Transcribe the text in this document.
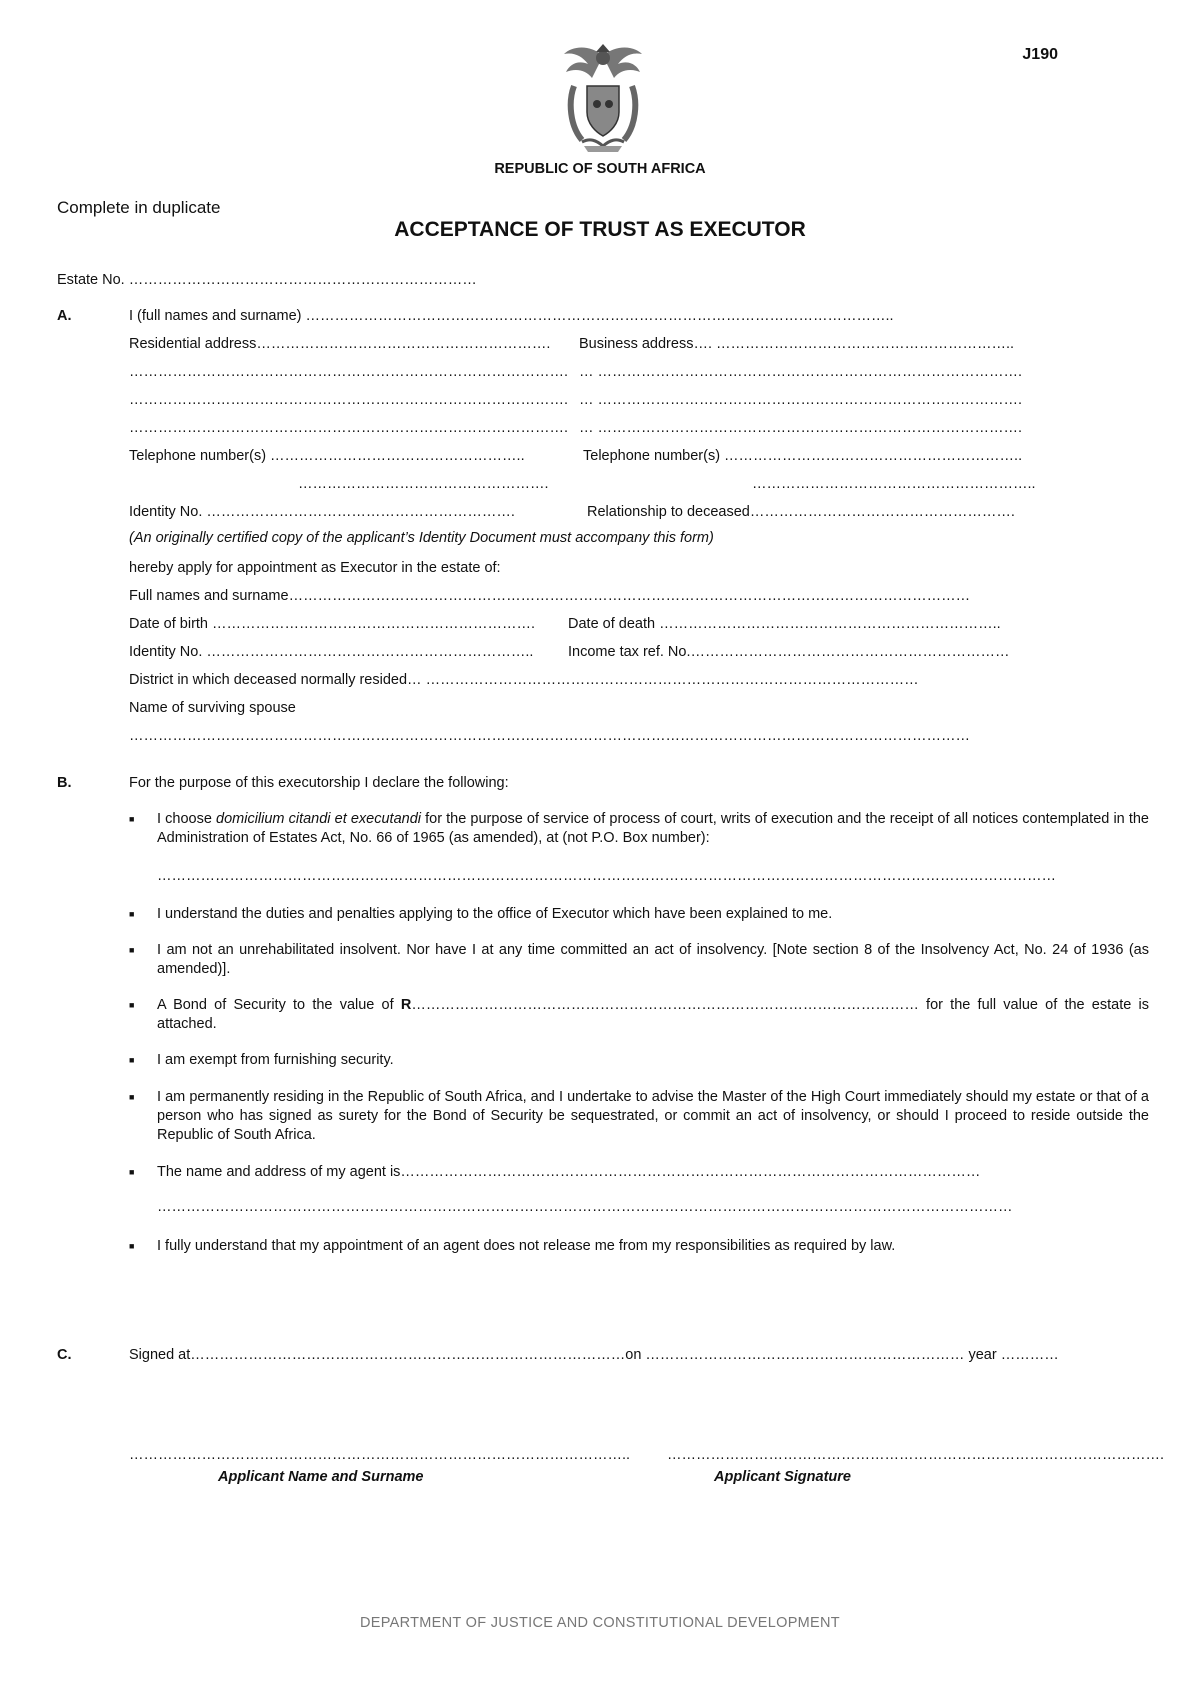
J190
REPUBLIC OF SOUTH AFRICA
Complete in duplicate
ACCEPTANCE OF TRUST AS EXECUTOR
Estate No. ………………………………………………………………
A.	I (full names and surname) …………………………………………………………………………………………………………..
Residential address……………………………………………………. Business address…. ……………………………………………………..
………………………………………………………………………………. … …………………………………………………………………………….
………………………………………………………………………………. … …………………………………………………………………………….
………………………………………………………………………………. … …………………………………………………………………………….
Telephone number(s) ……………………………………………..	Telephone number(s) ……………………………………………………..
…………………………………………….	…………………………………………………..
Identity No. ……………………………………………………….	Relationship to deceased……………………………………………….
(An originally certified copy of the applicant’s Identity Document must accompany this form)
hereby apply for appointment as Executor in the estate of:
Full names and surname……………………………………………………………………………………………………………………………
Date of birth …………………………………………………………. Date of death ……………………………………………………………..
Identity No. ………………………………………………………….. Income tax ref. No.…………………………………………………………
District in which deceased normally resided… …………………………………………………………………………………………
Name of surviving spouse
…………………………………………………………………………………………………………………………………………………………
B.	For the purpose of this executorship I declare the following:
■ I choose domicilium citandi et executandi for the purpose of service of process of court, writs of execution and the receipt of all notices contemplated in the Administration of Estates Act, No. 66 of 1965 (as amended), at (not P.O. Box number):
……………………………………………………………………………………………………………………………………………………………………
■ I understand the duties and penalties applying to the office of Executor which have been explained to me.
■ I am not an unrehabilitated insolvent. Nor have I at any time committed an act of insolvency. [Note section 8 of the Insolvency Act, No. 24 of 1936 (as amended)].
■ A Bond of Security to the value of R…………………………………………………………………………………………… for the full value of the estate is attached.
■ I am exempt from furnishing security.
■ I am permanently residing in the Republic of South Africa, and I undertake to advise the Master of the High Court immediately should my estate or that of a person who has signed as surety for the Bond of Security be sequestrated, or commit an act of insolvency, or should I proceed to reside outside the Republic of South Africa.
■ The name and address of my agent is…………………………………………………………………………………………………………
……………………………………………………………………………………………………………………………………………………………
■ I fully understand that my appointment of an agent does not release me from my responsibilities as required by law.
C.	Signed at………………………………………………………………………………on ………………………………………………………… year …………
…………………………………………………………………………………………..	………………………………………………………………………………………….
Applicant Name and Surname	Applicant Signature
DEPARTMENT OF JUSTICE AND CONSTITUTIONAL DEVELOPMENT
